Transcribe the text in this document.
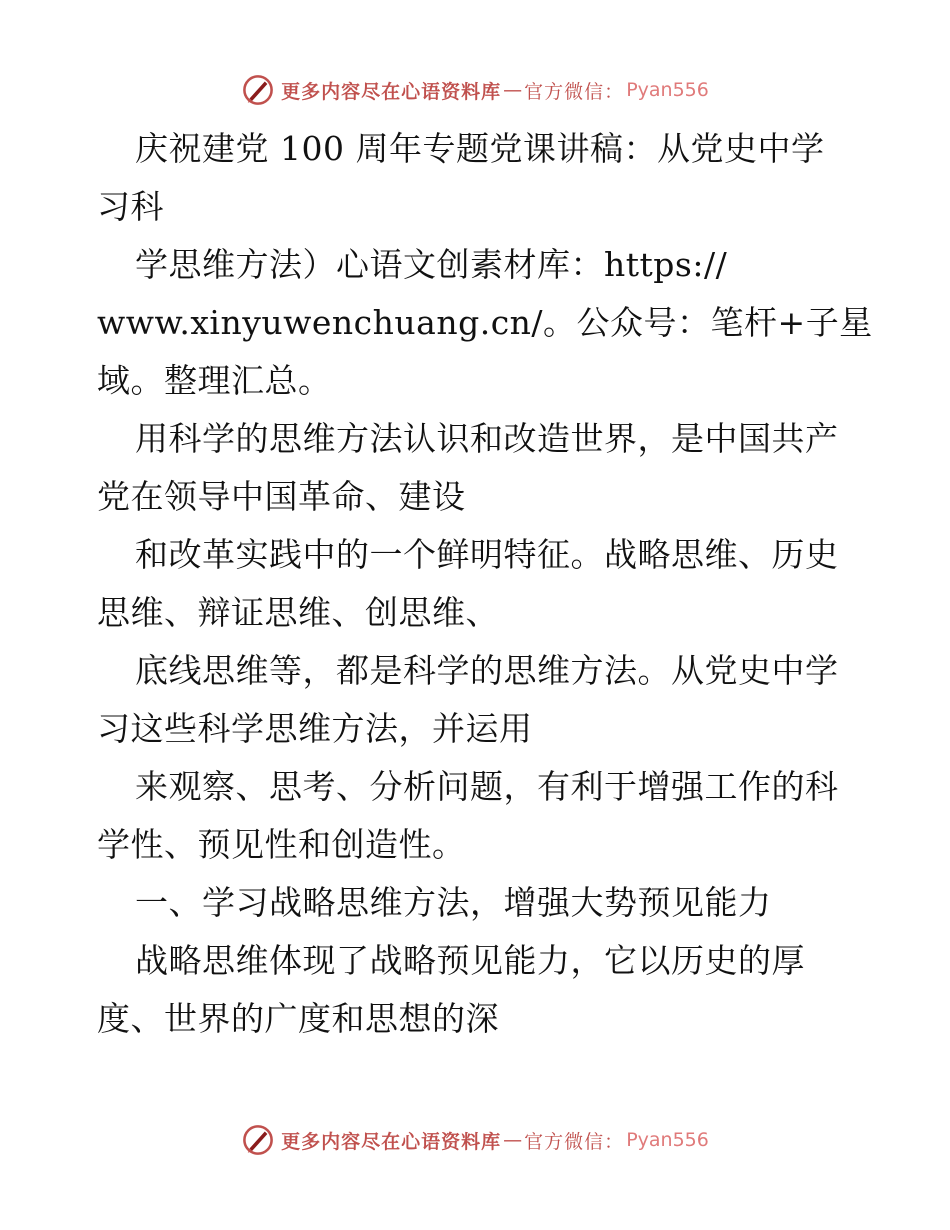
更多内容尽在心语资料库 — 官方微信： Pyan556
庆祝建党 100 周年专题党课讲稿：从党史中学
习科
学思维方法）心语文创素材库：https://
www.xinyuwenchuang.cn/。公众号：笔杆+子星
域。整理汇总。
用科学的思维方法认识和改造世界，是中国共产
党在领导中国革命、建设
和改革实践中的一个鲜明特征。战略思维、历史
思维、辩证思维、创思维、
底线思维等，都是科学的思维方法。从党史中学
习这些科学思维方法，并运用
来观察、思考、分析问题，有利于增强工作的科
学性、预见性和创造性。
一、学习战略思维方法，增强大势预见能力
战略思维体现了战略预见能力，它以历史的厚
度、世界的广度和思想的深
更多内容尽在心语资料库 — 官方微信： Pyan556
